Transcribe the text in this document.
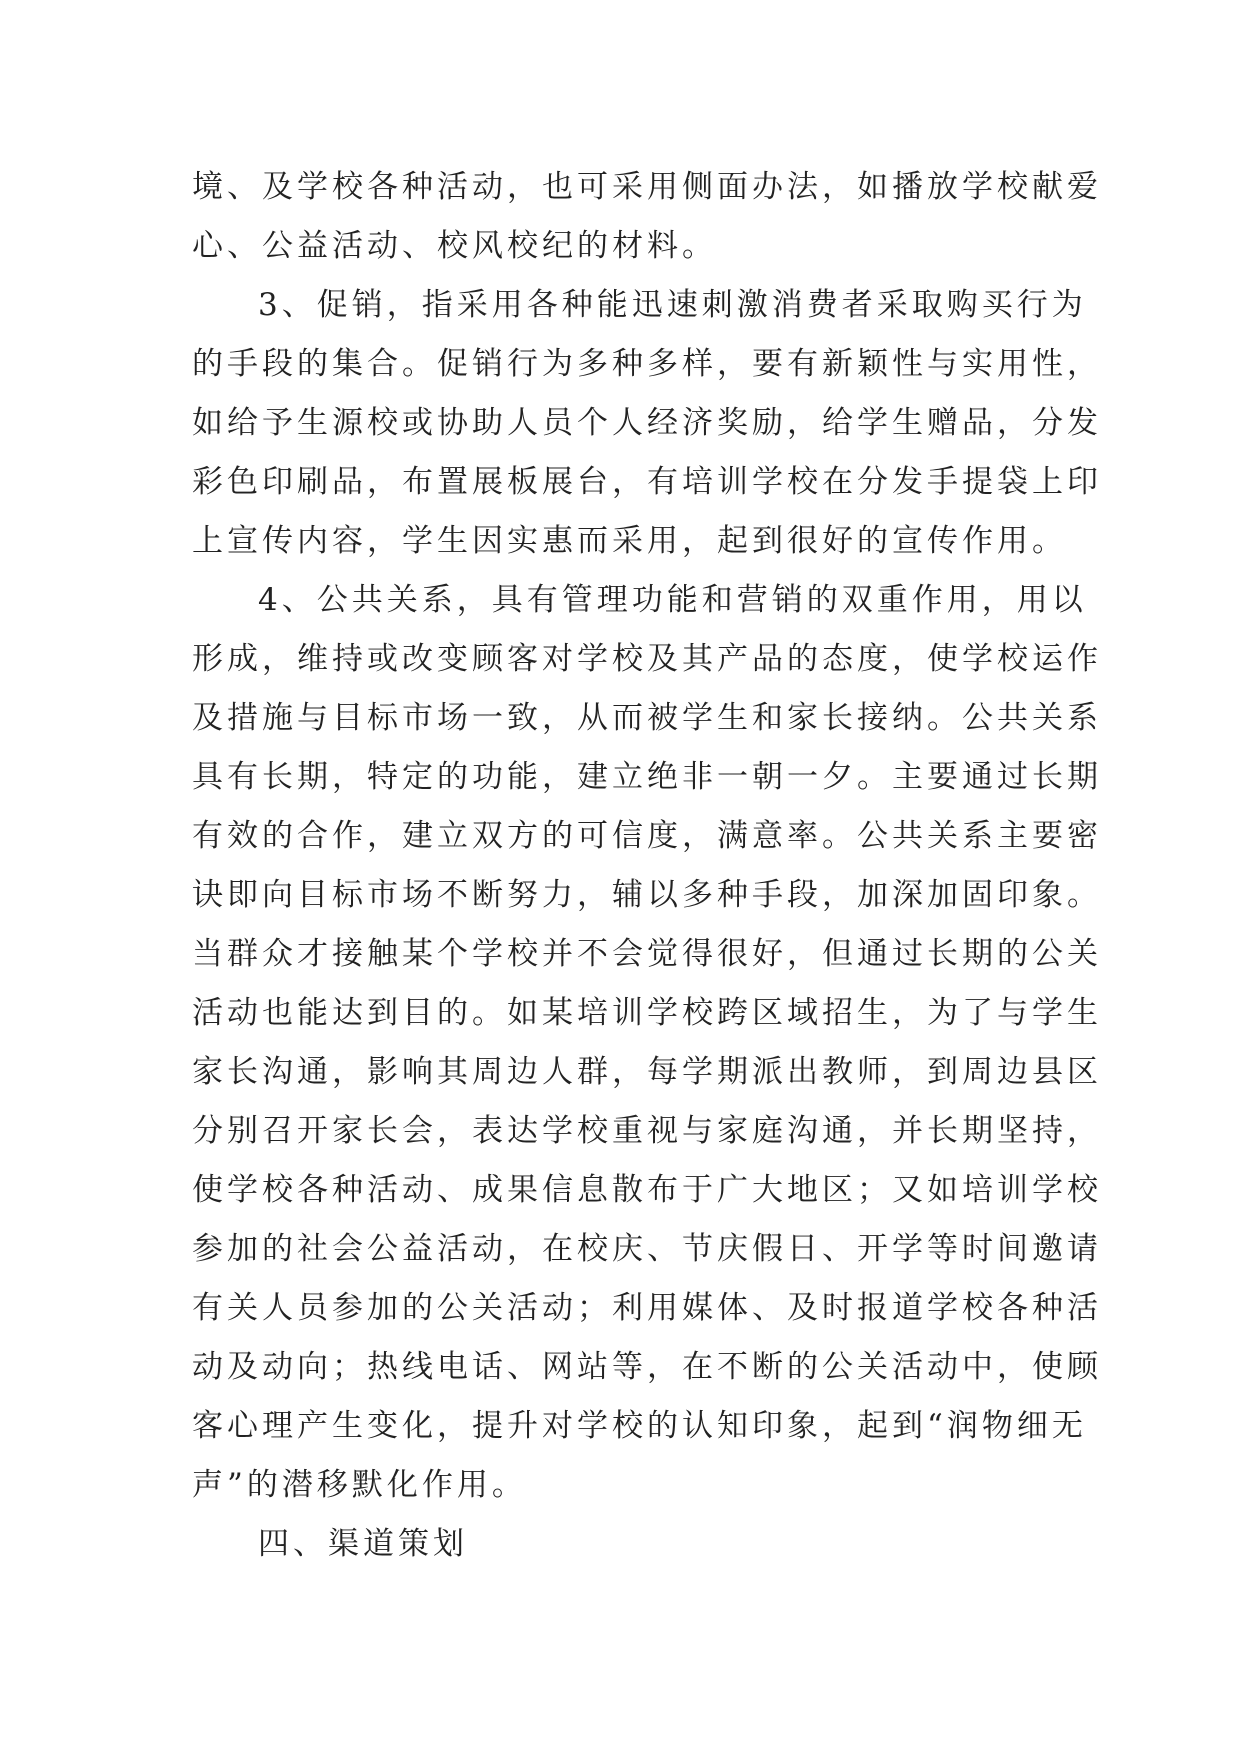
境、及学校各种活动，也可采用侧面办法，如播放学校献爱
心、公益活动、校风校纪的材料。
3、促销，指采用各种能迅速刺激消费者采取购买行为
的手段的集合。促销行为多种多样，要有新颖性与实用性，
如给予生源校或协助人员个人经济奖励，给学生赠品，分发
彩色印刷品，布置展板展台，有培训学校在分发手提袋上印
上宣传内容，学生因实惠而采用，起到很好的宣传作用。
4、公共关系，具有管理功能和营销的双重作用，用以
形成，维持或改变顾客对学校及其产品的态度，使学校运作
及措施与目标市场一致，从而被学生和家长接纳。公共关系
具有长期，特定的功能，建立绝非一朝一夕。主要通过长期
有效的合作，建立双方的可信度，满意率。公共关系主要密
诀即向目标市场不断努力，辅以多种手段，加深加固印象。
当群众才接触某个学校并不会觉得很好，但通过长期的公关
活动也能达到目的。如某培训学校跨区域招生，为了与学生
家长沟通，影响其周边人群，每学期派出教师，到周边县区
分别召开家长会，表达学校重视与家庭沟通，并长期坚持，
使学校各种活动、成果信息散布于广大地区；又如培训学校
参加的社会公益活动，在校庆、节庆假日、开学等时间邀请
有关人员参加的公关活动；利用媒体、及时报道学校各种活
动及动向；热线电话、网站等，在不断的公关活动中，使顾
客心理产生变化，提升对学校的认知印象，起到“润物细无
声”的潜移默化作用。
四、渠道策划
